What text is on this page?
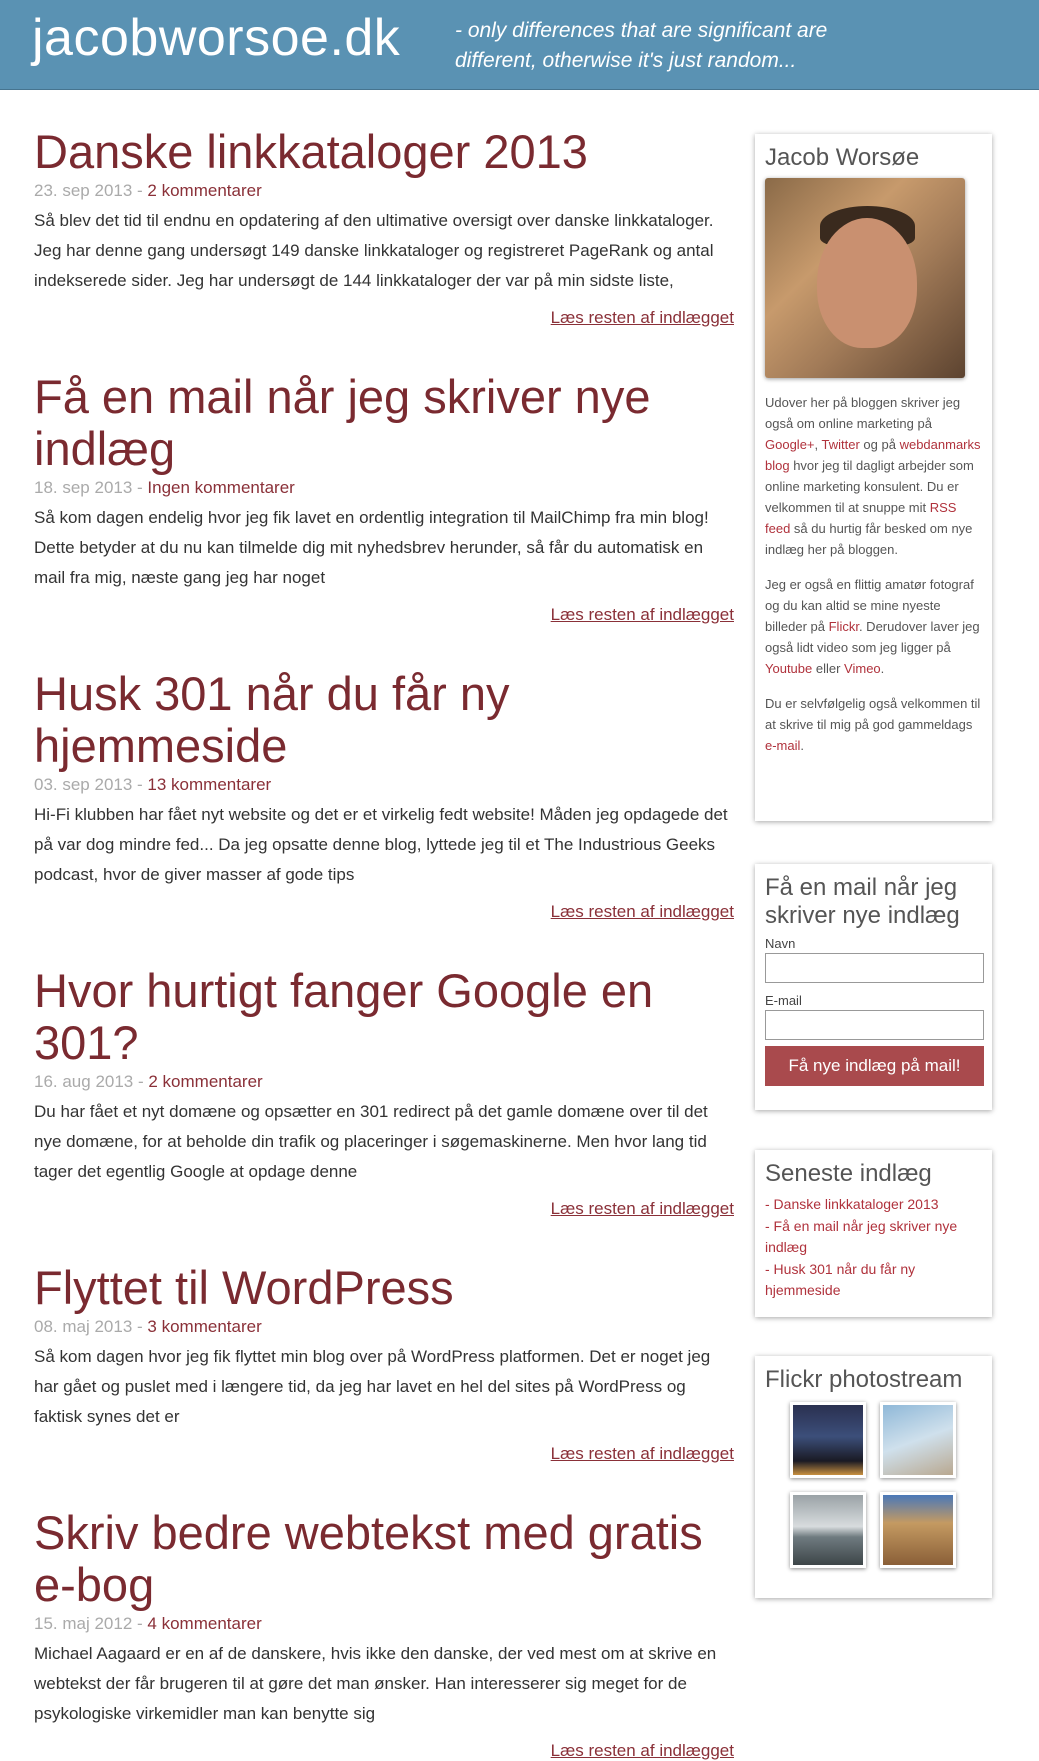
jacobworsoe.dk	- only differences that are significant are different, otherwise it's just random...
Danske linkkataloger 2013
23. sep 2013 - 2 kommentarer
Så blev det tid til endnu en opdatering af den ultimative oversigt over danske linkkataloger. Jeg har denne gang undersøgt 149 danske linkkataloger og registreret PageRank og antal indekserede sider. Jeg har undersøgt de 144 linkkataloger der var på min sidste liste,
Læs resten af indlægget
Få en mail når jeg skriver nye indlæg
18. sep 2013 - Ingen kommentarer
Så kom dagen endelig hvor jeg fik lavet en ordentlig integration til MailChimp fra min blog! Dette betyder at du nu kan tilmelde dig mit nyhedsbrev herunder, så får du automatisk en mail fra mig, næste gang jeg har noget
Læs resten af indlægget
Husk 301 når du får ny hjemmeside
03. sep 2013 - 13 kommentarer
Hi-Fi klubben har fået nyt website og det er et virkelig fedt website! Måden jeg opdagede det på var dog mindre fed... Da jeg opsatte denne blog, lyttede jeg til et The Industrious Geeks podcast, hvor de giver masser af gode tips
Læs resten af indlægget
Hvor hurtigt fanger Google en 301?
16. aug 2013 - 2 kommentarer
Du har fået et nyt domæne og opsætter en 301 redirect på det gamle domæne over til det nye domæne, for at beholde din trafik og placeringer i søgemaskinerne. Men hvor lang tid tager det egentlig Google at opdage denne
Læs resten af indlægget
Flyttet til WordPress
08. maj 2013 - 3 kommentarer
Så kom dagen hvor jeg fik flyttet min blog over på WordPress platformen. Det er noget jeg har gået og puslet med i længere tid, da jeg har lavet en hel del sites på WordPress og faktisk synes det er
Læs resten af indlægget
Skriv bedre webtekst med gratis e-bog
15. maj 2012 - 4 kommentarer
Michael Aagaard er en af de danskere, hvis ikke den danske, der ved mest om at skrive en webtekst der får brugeren til at gøre det man ønsker. Han interesserer sig meget for de psykologiske virkemidler man kan benytte sig
Læs resten af indlægget
Jacob Worsøe

Udover her på bloggen skriver jeg også om online marketing på Google+, Twitter og på webdanmarks blog hvor jeg til dagligt arbejder som online marketing konsulent. Du er velkommen til at snuppe mit RSS feed så du hurtig får besked om nye indlæg her på bloggen.

Jeg er også en flittig amatør fotograf og du kan altid se mine nyeste billeder på Flickr. Derudover laver jeg også lidt video som jeg ligger på Youtube eller Vimeo.

Du er selvfølgelig også velkommen til at skrive til mig på god gammeldags e-mail.

Få en mail når jeg skriver nye indlæg
Navn
E-mail
Få nye indlæg på mail!
Seneste indlæg
- Danske linkkataloger 2013
- Få en mail når jeg skriver nye indlæg
- Husk 301 når du får ny hjemmeside
Flickr photostream
